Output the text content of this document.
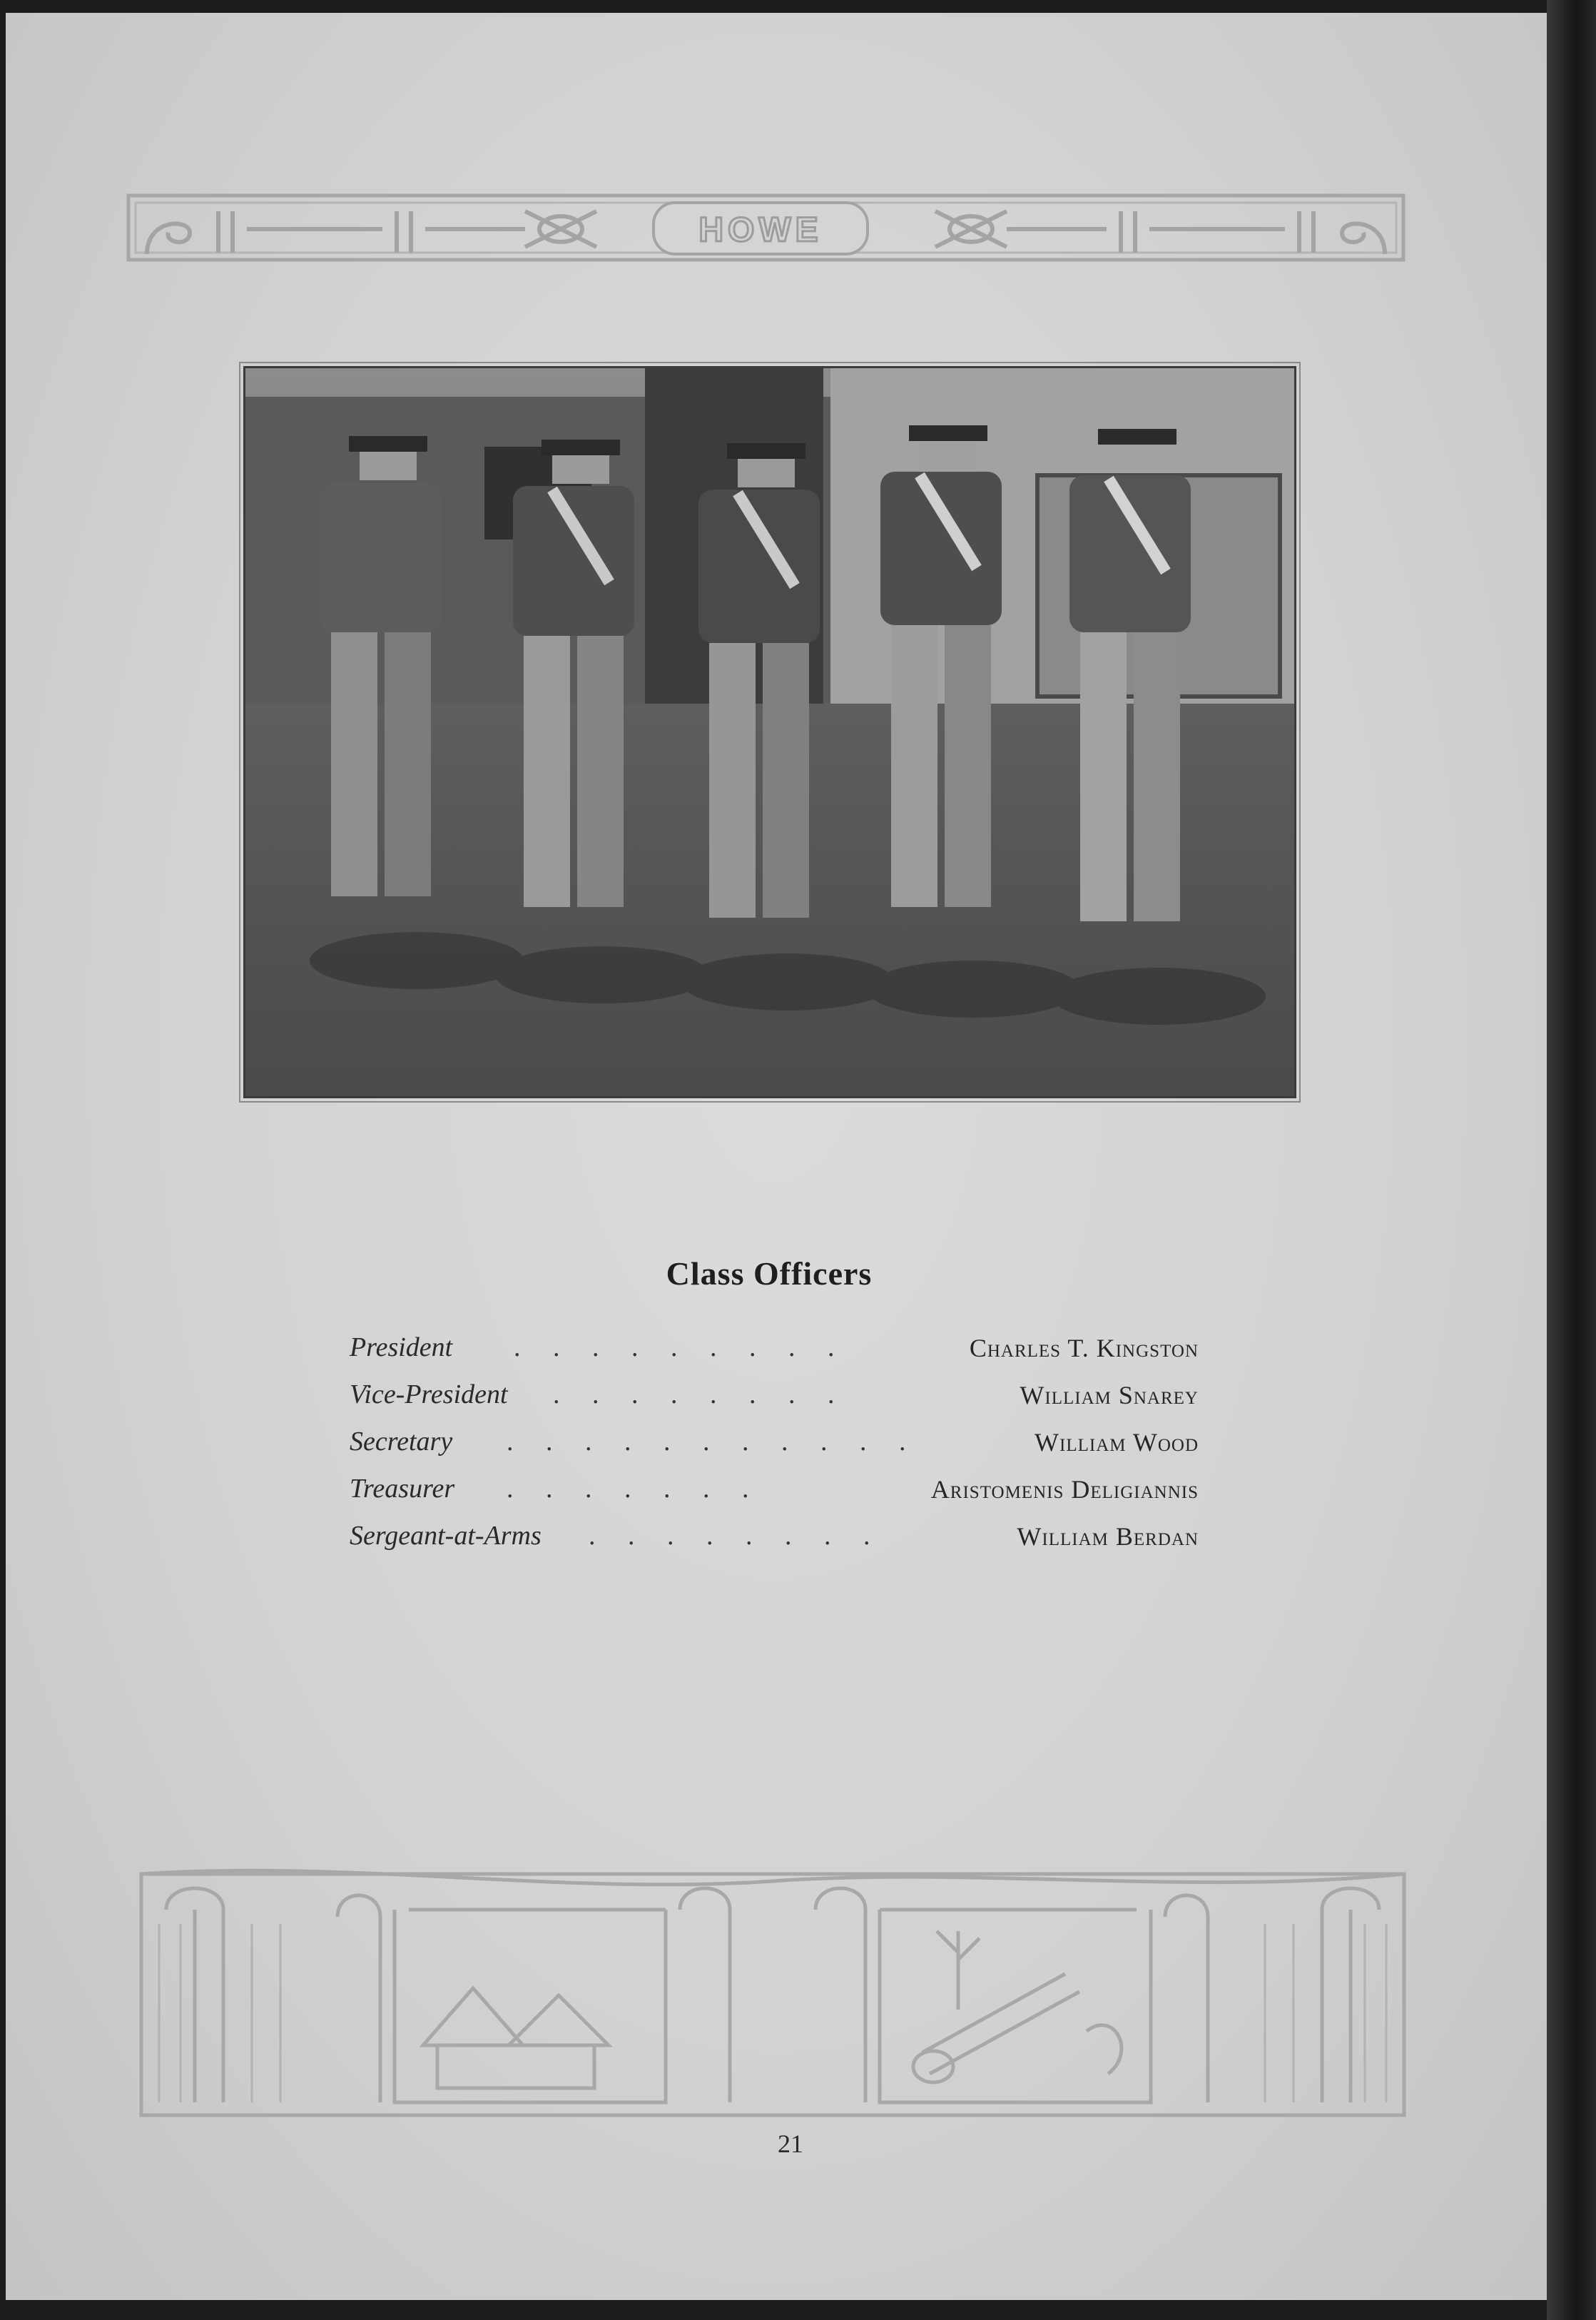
HOWE
Class Officers
President . . . . . . . . .	Charles T. Kingston
Vice-President . . . . . . . .	William Snarey
Secretary . . . . . . . . . . .	William Wood
Treasurer . . . . . . .	Aristomenis Deligiannis
Sergeant-at-Arms . . . . . . . .	William Berdan
21
